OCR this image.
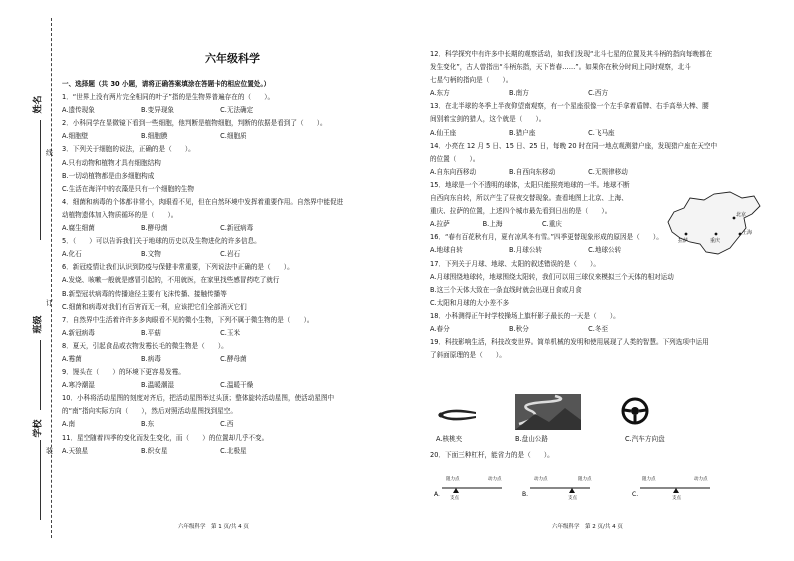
姓名
班级
学校
线
订
装
六年级科学

一、选择题（共 30 小题，请将正确答案填涂在答题卡的相应位置处。）

1．“世界上没有两片完全相同的叶子”指的是生物界普遍存在的（　　）。

A.遗传现象　　　　　　　B.变异现象　　　　　　　C.无法确定

2．小科同学在显微镜下看到一些细胞，他判断是植物细胞，判断的依据是看到了（　　）。

A.细胞壁　　　　　　　　B.细胞膜　　　　　　　　C.细胞质

3．下列关于细胞的说法，正确的是（　　）。

A.只有动物和植物才具有细胞结构

B.一切动植物都是由多细胞构成

C.生活在海洋中的衣藻是只有一个细胞的生物

4．细菌和病毒的个体都非常小，肉眼看不见，但在自然环境中发挥着重要作用。自然界中能促进

动植物遗体加入物质循环的是（　　）。

A.腐生细菌　　　　　　　B.酵母菌　　　　　　　　C.新冠病毒

5．（　　）可以告诉我们关于地球的历史以及生物进化的许多信息。

A.化石　　　　　　　　　B.文物　　　　　　　　　C.岩石

6．新冠疫情让我们认识到防疫与保健非常重要，下列说法中正确的是（　　）。

A.发烧、咳嗽一般就是感冒引起的，不用就医，在家里找些感冒药吃了就行

B.新型冠状病毒的传播途径主要有飞沫传播、接触传播等

C.细菌和病毒对我们有百害而无一利，应该把它们全部消灭它们

7．自然界中生活着许许多多肉眼看不见的微小生物，下列不属于微生物的是（　　）。

A.新冠病毒　　　　　　　B.平菇　　　　　　　　　C.玉米

8．夏天，引起食品或衣物发霉长毛的微生物是（　　）。

A.霉菌　　　　　　　　　B.病毒　　　　　　　　　C.酵母菌

9．馒头在（　　）的环境下更容易发霉。

A.寒冷潮湿　　　　　　　B.温暖潮湿　　　　　　　C.温暖干燥

10．小科将活动星图的刻度对齐后，把活动星图举过头顶；整体旋转活动星图，使活动星图中

的“南”指向实际方向（　　），然后对照活动星图找到星空。

A.南　　　　　　　　　　B.东　　　　　　　　　　C.西

11．星空随着四季的变化而发生变化，而（　　）的位置却几乎不变。

A.天狼星　　　　　　　　B.织女星　　　　　　　　C.北极星

六年级科学　第 1 页/共 4 页

12．科学探究中有许多中长期的观察活动，如我们发现“北斗七星的位置及其斗柄的指向每晚都在

发生变化”，古人曾指出“斗柄东指，天下皆春……”。如果你在秋分时间上同时观察，北斗

七星勺柄的指向是（　　）。

A.东方　　　　　　　　　B.南方　　　　　　　　　C.西方

13．在北半球的冬季上半夜仰望南观察，有一个星座很像一个左手拿着盾牌、右手高举大棒、腰

间别着宝剑的猎人，这个就是（　　）。

A.仙王座　　　　　　　　B.猎户座　　　　　　　　C.飞马座

14．小亮在 12 月 5 日、15 日、25 日，每晚 20 时在同一地点观测猎户座，发现猎户座在天空中

的位置（　　）。

A.自东向西移动　　　　　B.自西向东移动　　　　　C.无规律移动

15．地球是一个不透明的球体，太阳只能照亮地球的一半。地球不断

自西向东自转，所以产生了昼夜交替现象。查看地图上北京、上海、

重庆、拉萨的位置，上述四个城市最先看到日出的是（　　）。

A.拉萨　　　　　B.上海　　　　　　C.重庆

16．“春有百花秋有月，夏有凉风冬有雪。”四季更替现象形成的原因是（　　）。

A.地球自转　　　　　　　B.月球公转　　　　　　　C.地球公转

17．下列关于月球、地球、太阳的叙述错误的是（　　）。

A.月球围绕地球转，地球围绕太阳转，我们可以用三球仪来模拟三个天体的相对运动

B.这三个天体大致在一条直线时就会出现日食或月食

C.太阳和月球的大小差不多

18．小科测得正午时学校操场上旗杆影子最长的一天是（　　）。

A.春分　　　　　　　　　B.秋分　　　　　　　　　C.冬至

19．科技影响生活，科技改变世界。简单机械的发明和使用展现了人类的智慧。下列选项中运用

了斜面原理的是（　　）。

北京
上海
重庆
拉萨
A.核桃夹	B.盘山公路	C.汽车方向盘
20．下面三种杠杆，能省力的是（　　）。
A.
阻力点
支点
动力点
B.
动力点
支点
阻力点
C.
阻力点
支点
动力点
六年级科学　第 2 页/共 4 页
